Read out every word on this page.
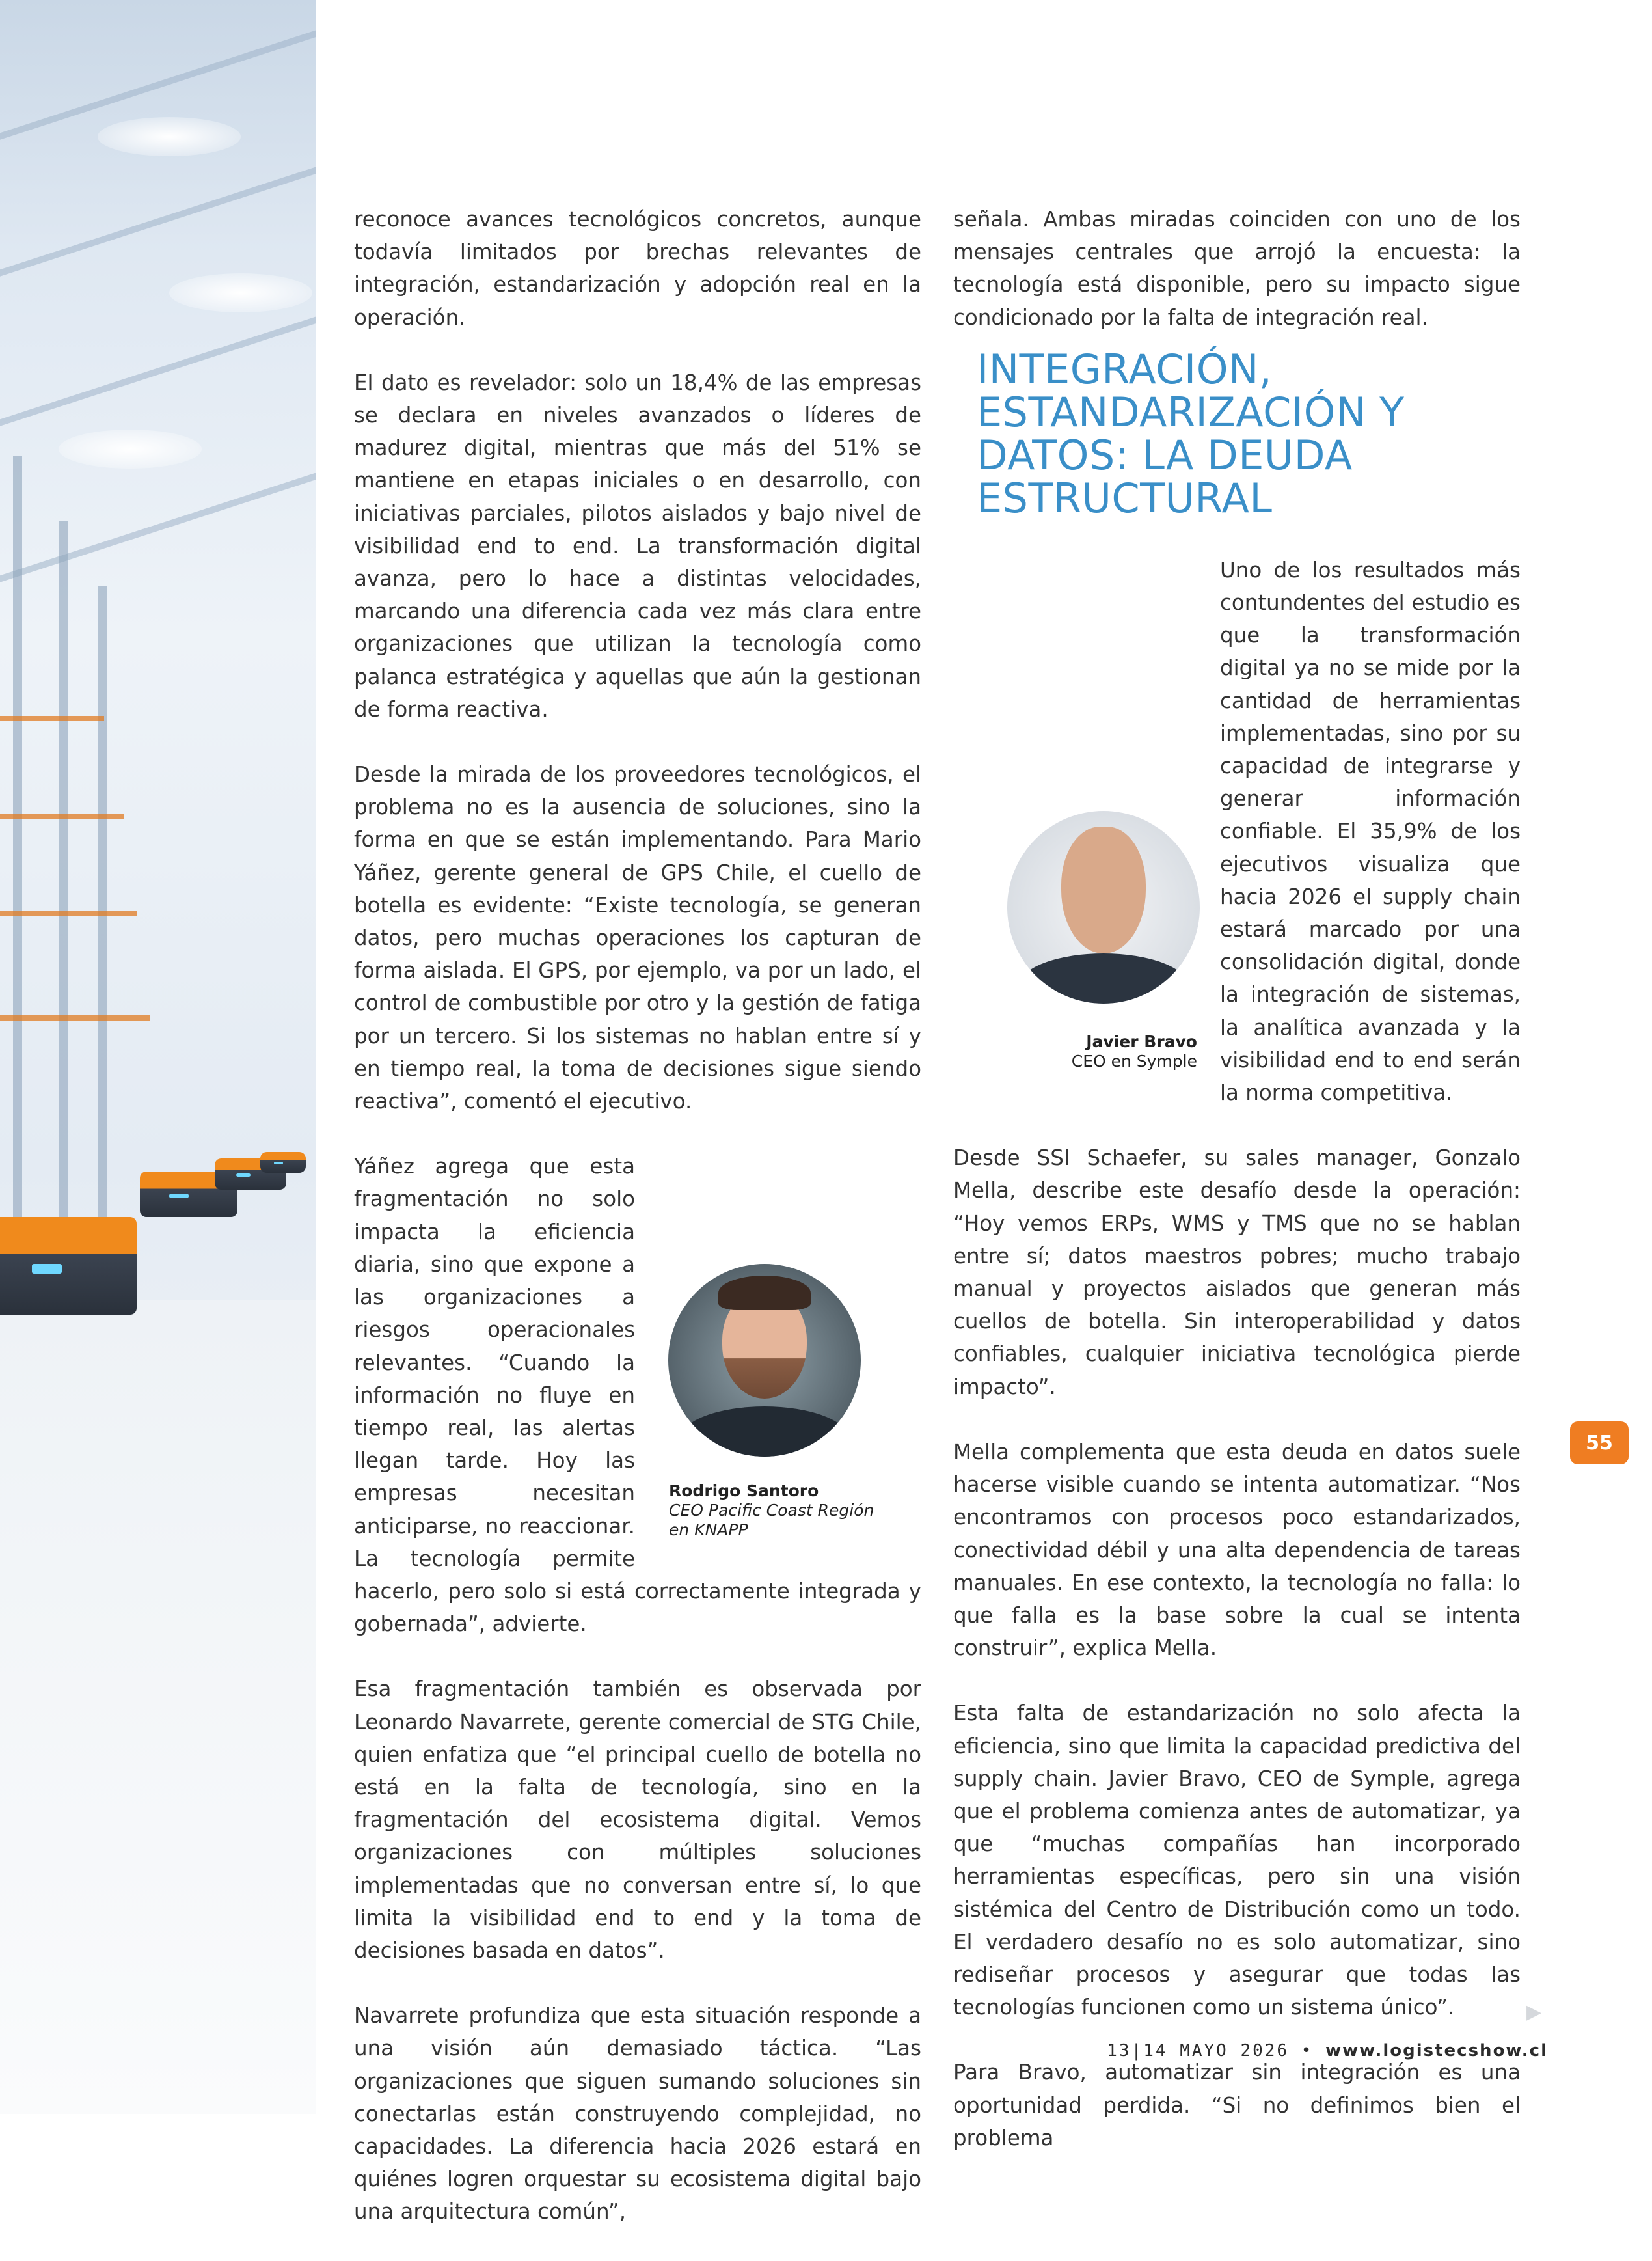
reconoce avances tecnológicos concretos, aunque todavía limitados por brechas relevantes de integración, estandarización y adopción real en la operación.

El dato es revelador: solo un 18,4% de las empresas se declara en niveles avanzados o líderes de madurez digital, mientras que más del 51% se mantiene en etapas iniciales o en desarrollo, con iniciativas parciales, pilotos aislados y bajo nivel de visibilidad end to end. La transformación digital avanza, pero lo hace a distintas velocidades, marcando una diferencia cada vez más clara entre organizaciones que utilizan la tecnología como palanca estratégica y aquellas que aún la gestionan de forma reactiva.

Desde la mirada de los proveedores tecnológicos, el problema no es la ausencia de soluciones, sino la forma en que se están implementando. Para Mario Yáñez, gerente general de GPS Chile, el cuello de botella es evidente: “Existe tecnología, se generan datos, pero muchas operaciones los capturan de forma aislada. El GPS, por ejemplo, va por un lado, el control de combustible por otro y la gestión de fatiga por un tercero. Si los sistemas no hablan entre sí y en tiempo real, la toma de decisiones sigue siendo reactiva”, comentó el ejecutivo.

Yáñez agrega que esta fragmentación no solo impacta la eficiencia diaria, sino que expone a las organizaciones a riesgos operacionales relevantes. “Cuando la información no fluye en tiempo real, las alertas llegan tarde. Hoy las empresas necesitan anticiparse, no reaccionar. La tecnología permite hacerlo, pero solo si está correctamente integrada y gobernada”, advierte.

Esa fragmentación también es observada por Leonardo Navarrete, gerente comercial de STG Chile, quien enfatiza que “el principal cuello de botella no está en la falta de tecnología, sino en la fragmentación del ecosistema digital. Vemos organizaciones con múltiples soluciones implementadas que no conversan entre sí, lo que limita la visibilidad end to end y la toma de decisiones basada en datos”.

Navarrete profundiza que esta situación responde a una visión aún demasiado táctica. “Las organizaciones que siguen sumando soluciones sin conectarlas están construyendo complejidad, no capacidades. La diferencia hacia 2026 estará en quiénes logren orquestar su ecosistema digital bajo una arquitectura común”,

Rodrigo Santoro
CEO Pacific Coast Región en KNAPP

señala. Ambas miradas coinciden con uno de los mensajes centrales que arrojó la encuesta: la tecnología está disponible, pero su impacto sigue condicionado por la falta de integración real.

INTEGRACIÓN, ESTANDARIZACIÓN Y DATOS: LA DEUDA ESTRUCTURAL

Uno de los resultados más contundentes del estudio es que la transformación digital ya no se mide por la cantidad de herramientas implementadas, sino por su capacidad de integrarse y generar información confiable. El 35,9% de los ejecutivos visualiza que hacia 2026 el supply chain estará marcado por una consolidación digital, donde la integración de sistemas, la analítica avanzada y la visibilidad end to end serán la norma competitiva.

Desde SSI Schaefer, su sales manager, Gonzalo Mella, describe este desafío desde la operación: “Hoy vemos ERPs, WMS y TMS que no se hablan entre sí; datos maestros pobres; mucho trabajo manual y proyectos aislados que generan más cuellos de botella. Sin interoperabilidad y datos confiables, cualquier iniciativa tecnológica pierde impacto”.

Mella complementa que esta deuda en datos suele hacerse visible cuando se intenta automatizar. “Nos encontramos con procesos poco estandarizados, conectividad débil y una alta dependencia de tareas manuales. En ese contexto, la tecnología no falla: lo que falla es la base sobre la cual se intenta construir”, explica Mella.

Esta falta de estandarización no solo afecta la eficiencia, sino que limita la capacidad predictiva del supply chain. Javier Bravo, CEO de Symple, agrega que el problema comienza antes de automatizar, ya que “muchas compañías han incorporado herramientas específicas, pero sin una visión sistémica del Centro de Distribución como un todo. El verdadero desafío no es solo automatizar, sino rediseñar procesos y asegurar que todas las tecnologías funcionen como un sistema único”.

Para Bravo, automatizar sin integración es una oportunidad perdida. “Si no definimos bien el problema

Javier Bravo
CEO en Symple
55
▶
13|14 MAYO 2026 • www.logistecshow.cl
